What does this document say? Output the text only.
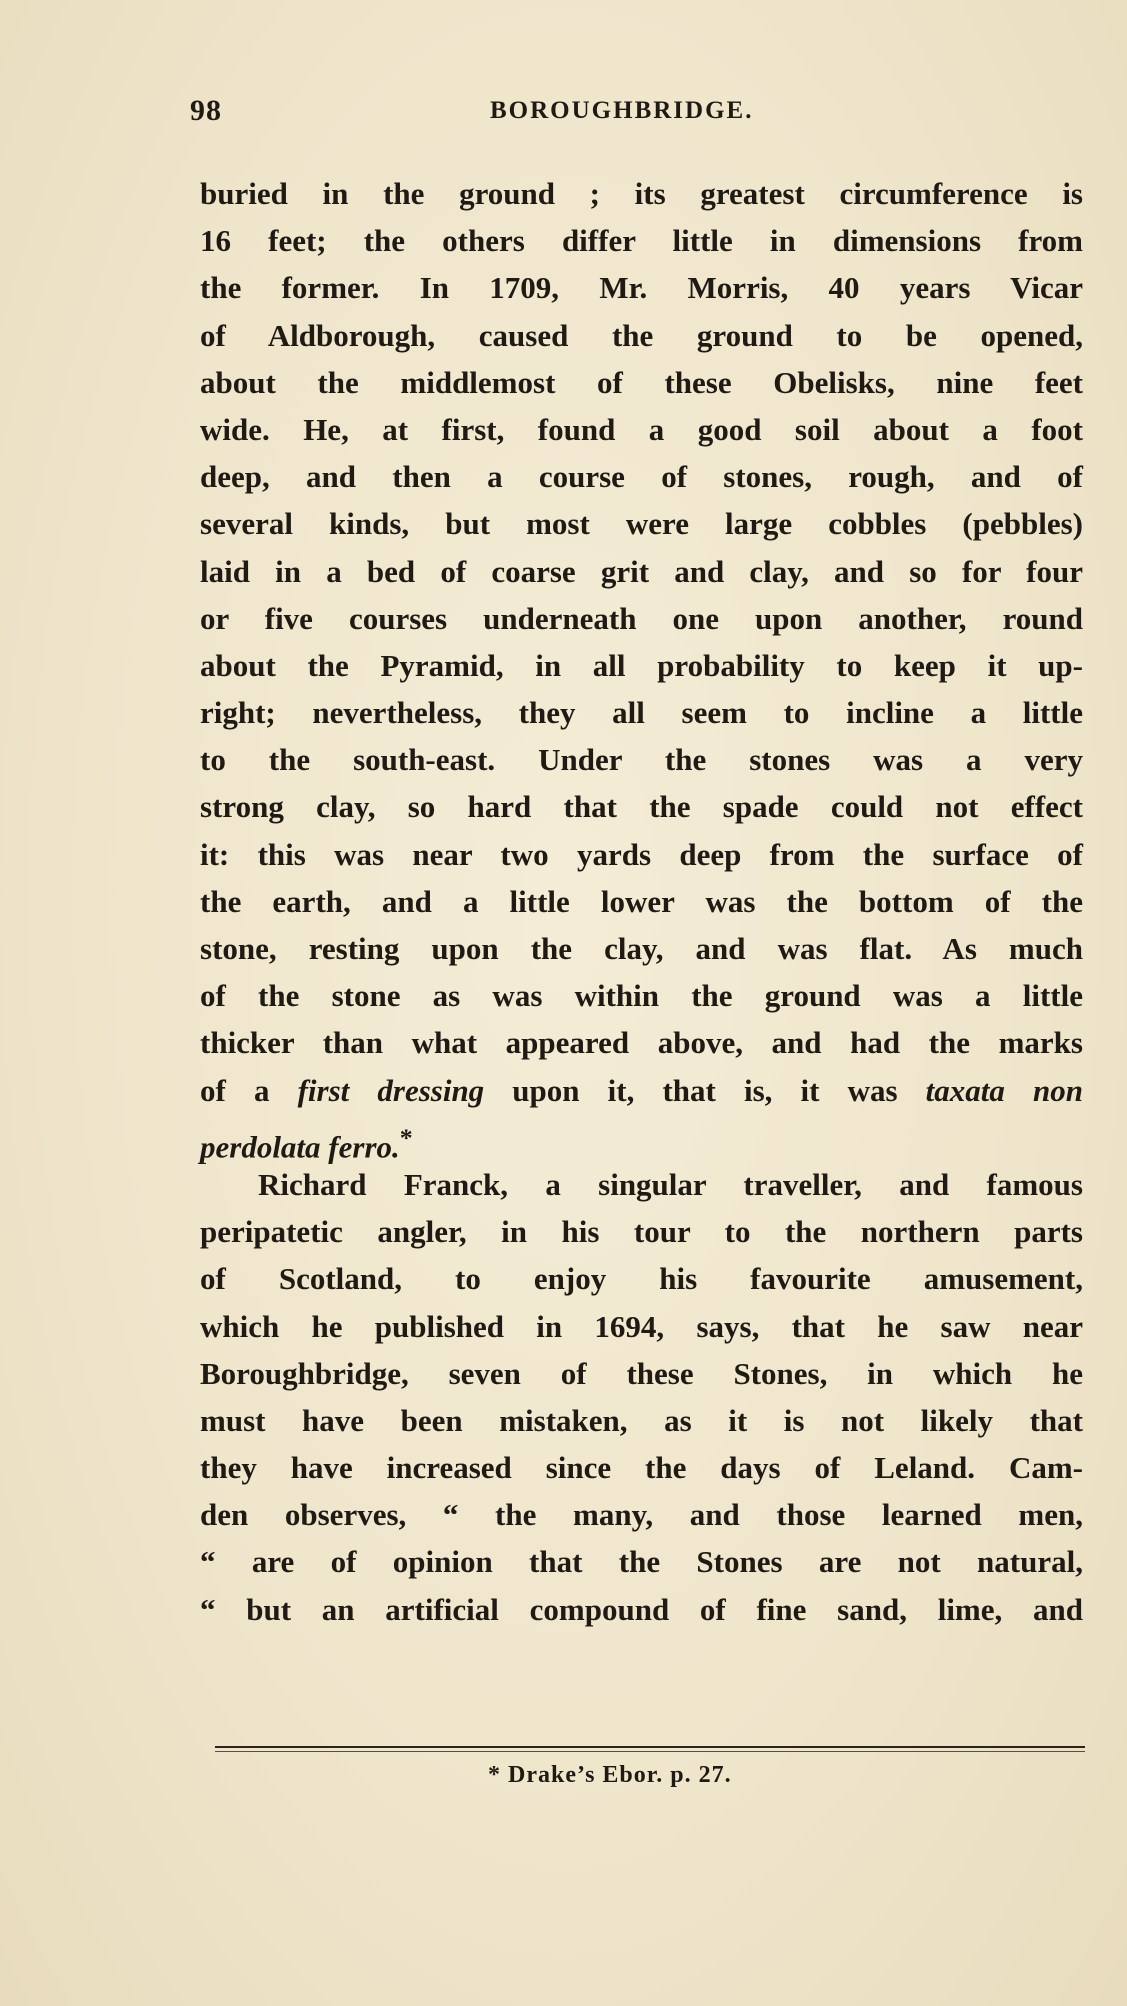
98	BOROUGHBRIDGE.
buried in the ground ; its greatest circumference is
16 feet; the others differ little in dimensions from
the former. In 1709, Mr. Morris, 40 years Vicar
of Aldborough, caused the ground to be opened,
about the middlemost of these Obelisks, nine feet
wide. He, at first, found a good soil about a foot
deep, and then a course of stones, rough, and of
several kinds, but most were large cobbles (pebbles)
laid in a bed of coarse grit and clay, and so for four
or five courses underneath one upon another, round
about the Pyramid, in all probability to keep it up-
right; nevertheless, they all seem to incline a little
to the south-east. Under the stones was a very
strong clay, so hard that the spade could not effect
it: this was near two yards deep from the surface of
the earth, and a little lower was the bottom of the
stone, resting upon the clay, and was flat. As much
of the stone as was within the ground was a little
thicker than what appeared above, and had the marks
of a first dressing upon it, that is, it was taxata non
perdolata ferro.*
Richard Franck, a singular traveller, and famous
peripatetic angler, in his tour to the northern parts
of Scotland, to enjoy his favourite amusement,
which he published in 1694, says, that he saw near
Boroughbridge, seven of these Stones, in which he
must have been mistaken, as it is not likely that
they have increased since the days of Leland. Cam-
den observes, “ the many, and those learned men,
“ are of opinion that the Stones are not natural,
“ but an artificial compound of fine sand, lime, and
* Drake’s Ebor. p. 27.
